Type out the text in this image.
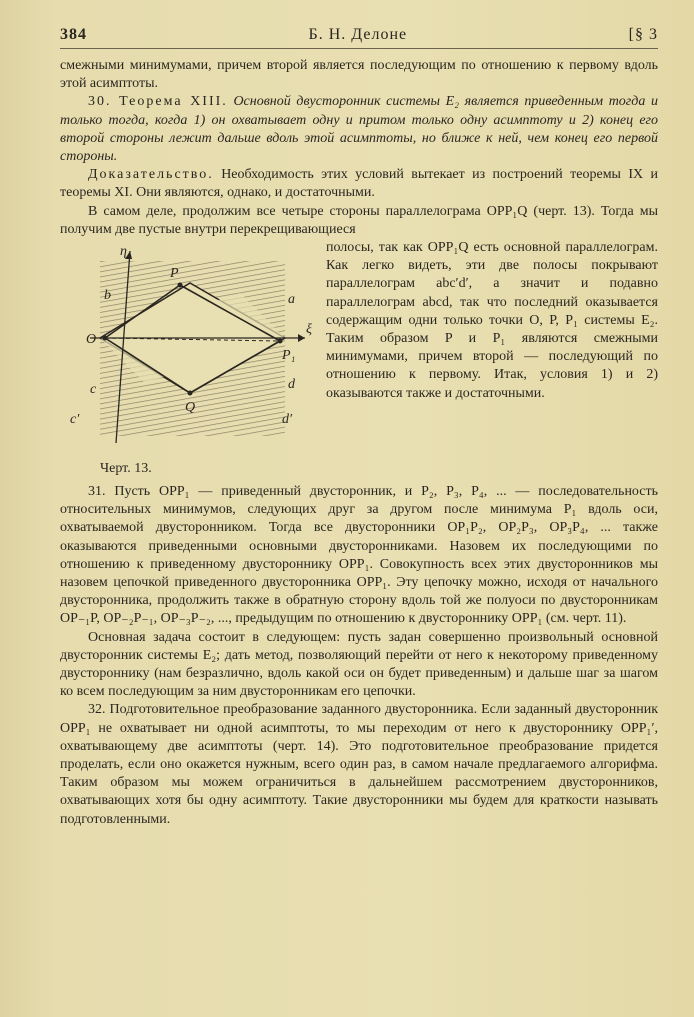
384	Б. Н. Делоне	[§ 3

смежными минимумами, причем второй является последующим по отношению к первому вдоль этой асимптоты.

30. Теорема XIII. Основной двусторонник системы E₂ является приведенным тогда и только тогда, когда 1) он охватывает одну и притом только одну асимптоту и 2) конец его второй стороны лежит дальше вдоль этой асимптоты, но ближе к ней, чем конец его первой стороны.

Доказательство. Необходимость этих условий вытекает из построений теоремы IX и теоремы XI. Они являются, однако, и достаточными.

В самом деле, продолжим все четыре стороны параллелограма OPP₁Q (черт. 13). Тогда мы получим две пустые внутри перекрещивающиеся

η
ξ
O
P
P₁
Q
a
b
c	d
c′	d′
Черт. 13.

полосы, так как OPP₁Q есть основной параллелограм. Как легко видеть, эти две полосы покрывают параллелограм abc′d′, а значит и подавно параллелограм abcd, так что последний оказывается содержащим одни только точки O, P, P₁ системы E₂. Таким образом P и P₁ являются смежными минимумами, причем второй — последующий по отношению к первому. Итак, условия 1) и 2) оказываются также и достаточными.

31. Пусть OPP₁ — приведенный двусторонник, и P₂, P₃, P₄, ... — последовательность относительных минимумов, следующих друг за другом после минимума P₁ вдоль оси, охватываемой двусторонником. Тогда все двусторонники OP₁P₂, OP₂P₃, OP₃P₄, ... также оказываются приведенными основными двусторонниками. Назовем их последующими по отношению к приведенному двустороннику OPP₁. Совокупность всех этих двусторонников мы назовем цепочкой приведенного двусторонника OPP₁. Эту цепочку можно, исходя от начального двусторонника, продолжить также в обратную сторону вдоль той же полуоси по двусторонникам OP₋₁P, OP₋₂P₋₁, OP₋₃P₋₂, ..., предыдущим по отношению к двустороннику OPP₁ (см. черт. 11).

Основная задача состоит в следующем: пусть задан совершенно произвольный основной двусторонник системы E₂; дать метод, позволяющий перейти от него к некоторому приведенному двустороннику (нам безразлично, вдоль какой оси он будет приведенным) и дальше шаг за шагом ко всем последующим за ним двусторонникам его цепочки.

32. Подготовительное преобразование заданного двусторонника. Если заданный двусторонник OPP₁ не охватывает ни одной асимптоты, то мы переходим от него к двустороннику OPP₁′, охватывающему две асимптоты (черт. 14). Это подготовительное преобразование придется проделать, если оно окажется нужным, всего один раз, в самом начале предлагаемого алгорифма. Таким образом мы можем ограничиться в дальнейшем рассмотрением двусторонников, охватывающих хотя бы одну асимптоту. Такие двусторонники мы будем для краткости называть подготовленными.
